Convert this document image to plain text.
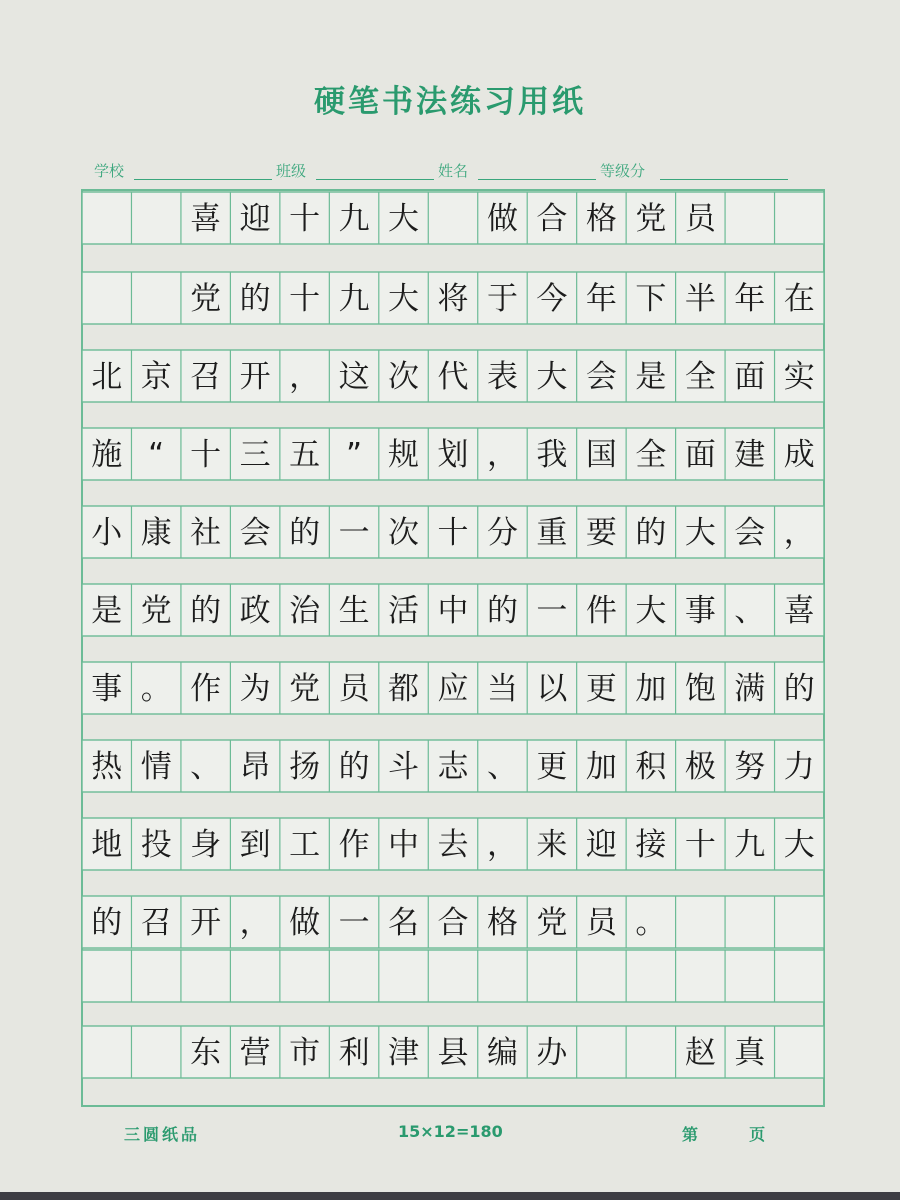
硬笔书法练习用纸
学校	班级	姓名	等级分
喜 迎 十 九 大 做 合 格 党 员
党 的 十 九 大 将 于 今 年 下 半 年 在
北 京 召 开 ， 这 次 代 表 大 会 是 全 面 实
施 “ 十 三 五 ” 规 划 ， 我 国 全 面 建 成
小 康 社 会 的 一 次 十 分 重 要 的 大 会 ，
是 党 的 政 治 生 活 中 的 一 件 大 事 、 喜
事 。 作 为 党 员 都 应 当 以 更 加 饱 满 的
热 情 、 昂 扬 的 斗 志 、 更 加 积 极 努 力
地 投 身 到 工 作 中 去 ， 来 迎 接 十 九 大
的 召 开 ， 做 一 名 合 格 党 员 。
东 营 市 利 津 县 编 办	赵 真
三圆纸品	15×12=180	第	页
